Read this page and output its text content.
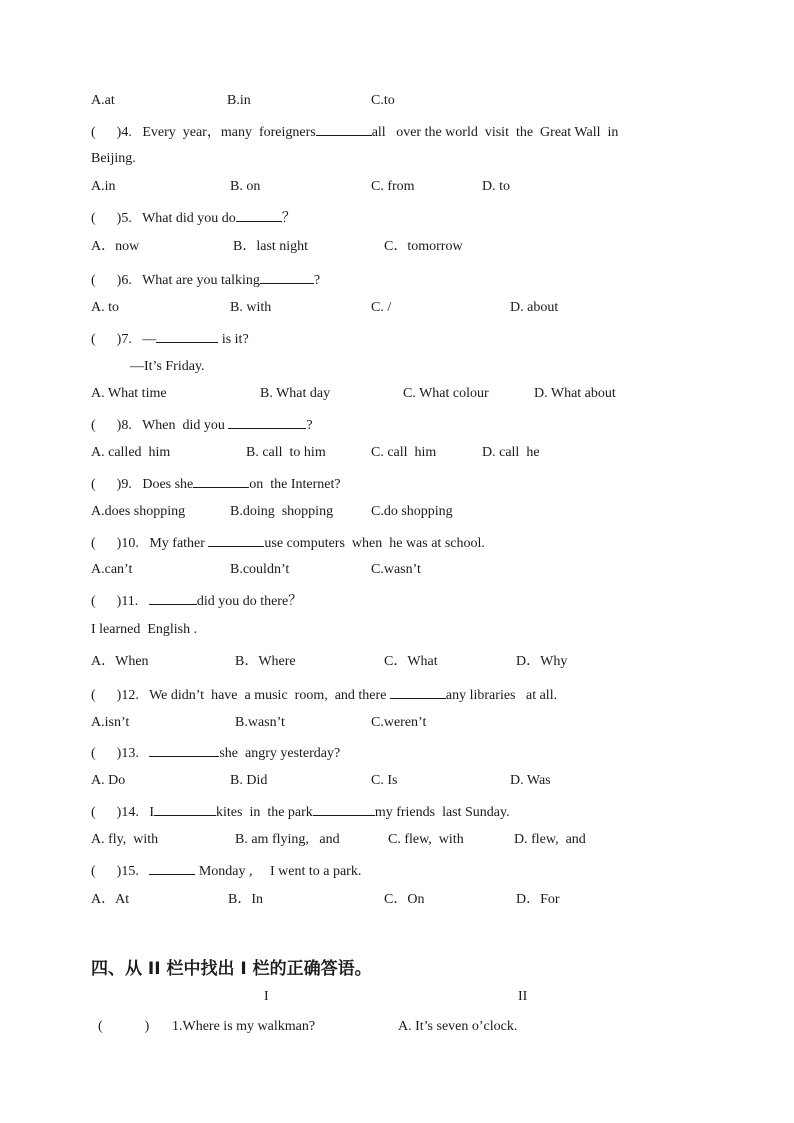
A.at	B.in	C.to
(      )4. Every  year，many  foreigners	all   over the world  visit  the  Great Wall  in
Beijing.
A.in	B. on	C. from	D. to
(      )5. What did you do	？
A．now	B．last night	C．tomorrow
(      )6. What are you talking	?
A. to	B. with	C. /	D. about
(      )7. —	is it?
—It’s Friday.
A. What time	B. What day	C. What colour	D. What about
(      )8. When  did you	?
A. called  him	B. call  to him	C. call  him	D. call  he
(      )9. Does she	on  the Internet?
A.does shopping	B.doing  shopping	C.do shopping
(      )10. My father	use computers  when  he was at school.
A.can’t	B.couldn’t	C.wasn’t
(      )11.	did you do there？
I learned  English .
A．When	B．Where	C．What	D．Why
(      )12. We didn’t  have  a music  room,  and there	any libraries   at all.
A.isn’t	B.wasn’t	C.weren’t
(      )13.	she  angry yesterday?
A. Do	B. Did	C. Is	D. Was
(      )14. I	kites  in  the park	my friends  last Sunday.
A. fly,  with	B. am flying,   and	C. flew,  with	D. flew,  and
(      )15.	Monday ,     I went to a park.
A．At	B．In	C．On	D．For
四、从 II 栏中找出 I 栏的正确答语。
I	II
(            ) 1.Where is my walkman?	A. It’s seven o’clock.
